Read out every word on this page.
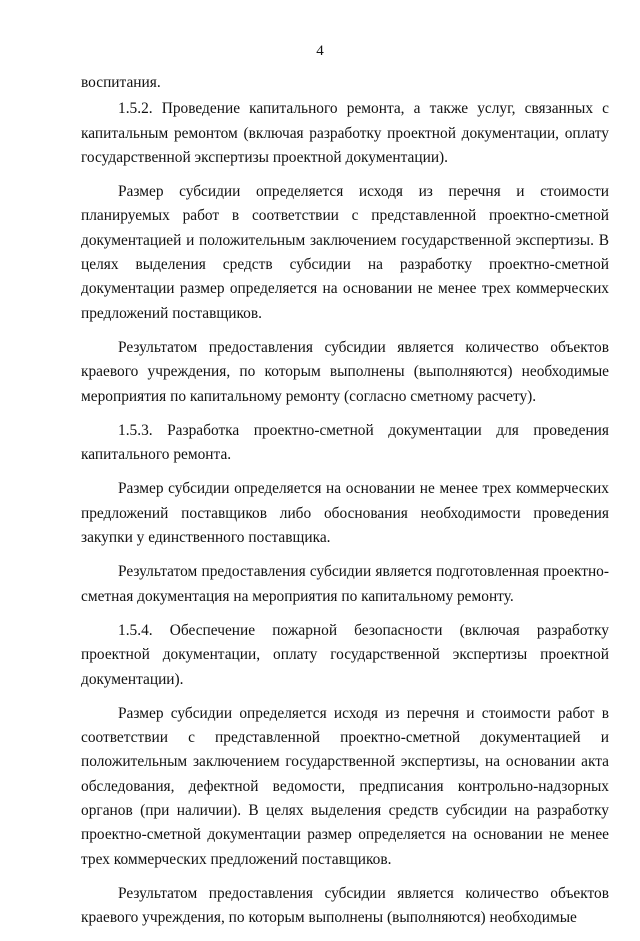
4

воспитания.

1.5.2. Проведение капитального ремонта, а также услуг, связанных с капитальным ремонтом (включая разработку проектной документации, оплату государственной экспертизы проектной документации).

Размер субсидии определяется исходя из перечня и стоимости планируемых работ в соответствии с представленной проектно-сметной документацией и положительным заключением государственной экспертизы. В целях выделения средств субсидии на разработку проектно-сметной документации размер определяется на основании не менее трех коммерческих предложений поставщиков.

Результатом предоставления субсидии является количество объектов краевого учреждения, по которым выполнены (выполняются) необходимые мероприятия по капитальному ремонту (согласно сметному расчету).

1.5.3. Разработка проектно-сметной документации для проведения капитального ремонта.

Размер субсидии определяется на основании не менее трех коммерческих предложений поставщиков либо обоснования необходимости проведения закупки у единственного поставщика.

Результатом предоставления субсидии является подготовленная проектно-сметная документация на мероприятия по капитальному ремонту.

1.5.4. Обеспечение пожарной безопасности (включая разработку проектной документации, оплату государственной экспертизы проектной документации).

Размер субсидии определяется исходя из перечня и стоимости работ в соответствии с представленной проектно-сметной документацией и положительным заключением государственной экспертизы, на основании акта обследования, дефектной ведомости, предписания контрольно-надзорных органов (при наличии). В целях выделения средств субсидии на разработку проектно-сметной документации размер определяется на основании не менее трех коммерческих предложений поставщиков.

Результатом предоставления субсидии является количество объектов краевого учреждения, по которым выполнены (выполняются) необходимые
